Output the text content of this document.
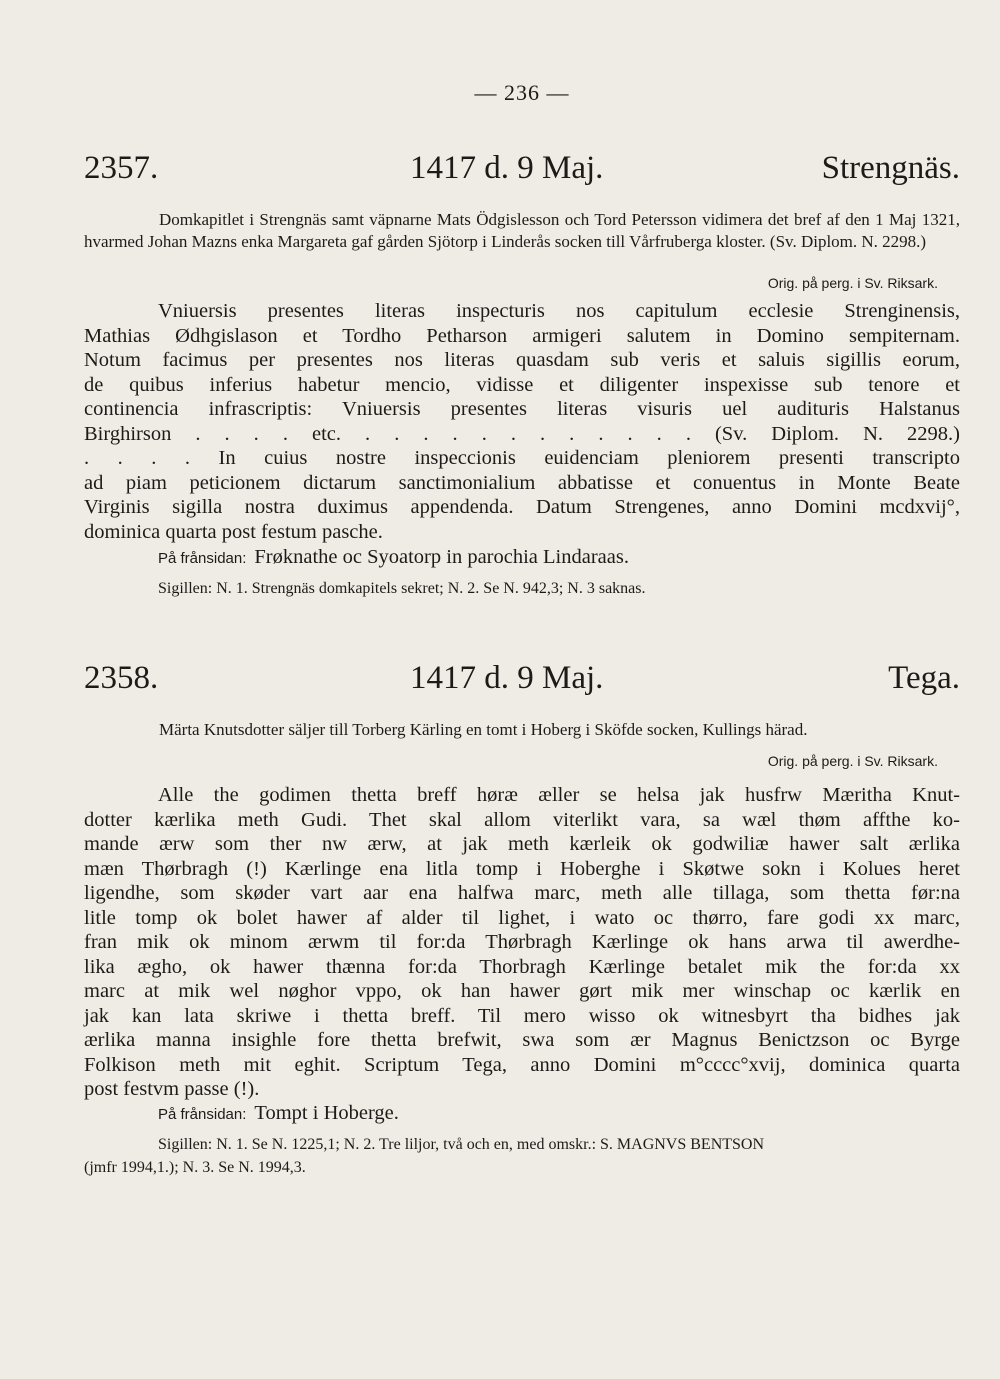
— 236 —
2357.	1417 d. 9 Maj.	Strengnäs.

Domkapitlet i Strengnäs samt väpnarne Mats Ödgislesson och Tord Petersson vidimera det bref af den 1 Maj 1321, hvarmed Johan Mazns enka Margareta gaf gården Sjötorp i Linderås socken till Vårfruberga kloster. (Sv. Diplom. N. 2298.)

Orig. på perg. i Sv. Riksark.
Vniuersis presentes literas inspecturis nos capitulum ecclesie Strenginensis,
Mathias Ødhgislason et Tordho Petharson armigeri salutem in Domino sempiternam.
Notum facimus per presentes nos literas quasdam sub veris et saluis sigillis eorum,
de quibus inferius habetur mencio, vidisse et diligenter inspexisse sub tenore et
continencia infrascriptis: Vniuersis presentes literas visuris uel audituris Halstanus
Birghirson . . . . etc. . . . . . . . . . . . . (Sv. Diplom. N. 2298.)
. . . . In cuius nostre inspeccionis euidenciam pleniorem presenti transcripto
ad piam peticionem dictarum sanctimonialium abbatisse et conuentus in Monte Beate
Virginis sigilla nostra duximus appendenda. Datum Strengenes, anno Domini mcdxvij°,
dominica quarta post festum pasche.
På frånsidan: Frøknathe oc Syoatorp in parochia Lindaraas.
Sigillen: N. 1. Strengnäs domkapitels sekret; N. 2. Se N. 942,3; N. 3 saknas.
2358.	1417 d. 9 Maj.	Tega.

Märta Knutsdotter säljer till Torberg Kärling en tomt i Hoberg i Sköfde socken, Kullings härad.

Orig. på perg. i Sv. Riksark.
Alle the godimen thetta breff høræ æller se helsa jak husfrw Mæritha Knut-
dotter kærlika meth Gudi. Thet skal allom viterlikt vara, sa wæl thøm affthe ko-
mande ærw som ther nw ærw, at jak meth kærleik ok godwiliæ hawer salt ærlika
mæn Thørbragh (!) Kærlinge ena litla tomp i Hoberghe i Skøtwe sokn i Kolues heret
ligendhe, som skøder vart aar ena halfwa marc, meth alle tillaga, som thetta før:na
litle tomp ok bolet hawer af alder til lighet, i wato oc thørro, fare godi xx marc,
fran mik ok minom ærwm til for:da Thørbragh Kærlinge ok hans arwa til awerdhe-
lika ægho, ok hawer thænna for:da Thorbragh Kærlinge betalet mik the for:da xx
marc at mik wel nøghor vppo, ok han hawer gørt mik mer winschap oc kærlik en
jak kan lata skriwe i thetta breff. Til mero wisso ok witnesbyrt tha bidhes jak
ærlika manna insighle fore thetta brefwit, swa som ær Magnus Benictzson oc Byrge
Folkison meth mit eghit. Scriptum Tega, anno Domini m°cccc°xvij, dominica quarta
post festvm passe (!).
På frånsidan: Tompt i Hoberge.
Sigillen: N. 1. Se N. 1225,1; N. 2. Tre liljor, två och en, med omskr.: S. MAGNVS BENTSON
(jmfr 1994,1.); N. 3. Se N. 1994,3.
